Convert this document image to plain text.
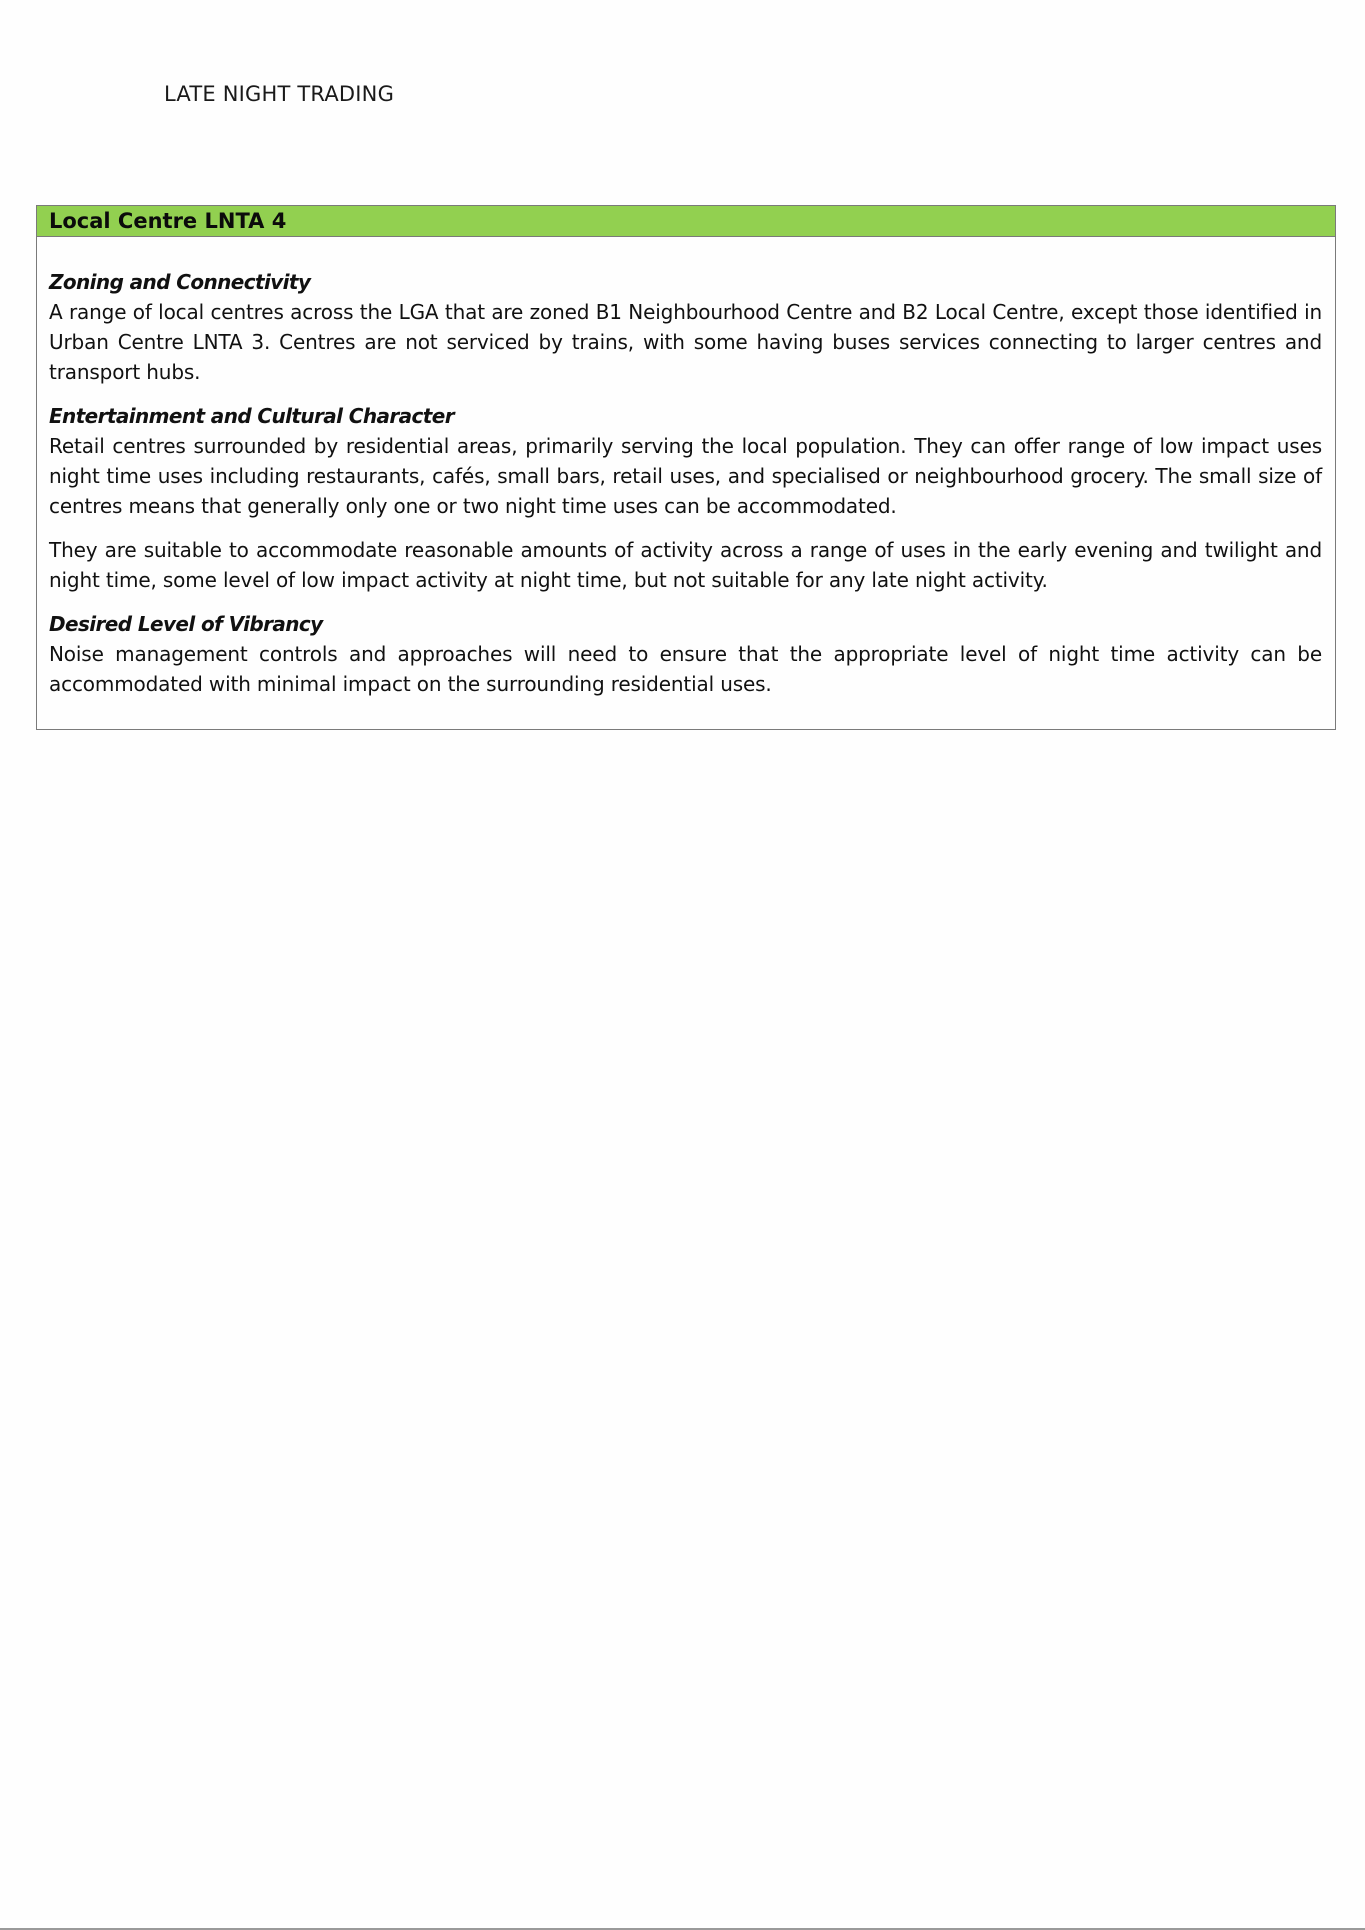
LATE NIGHT TRADING
Local Centre LNTA 4

Zoning and Connectivity

A range of local centres across the LGA that are zoned B1 Neighbourhood Centre and B2 Local Centre, except those identified in Urban Centre LNTA 3. Centres are not serviced by trains, with some having buses services connecting to larger centres and transport hubs.

Entertainment and Cultural Character

Retail centres surrounded by residential areas, primarily serving the local population. They can offer range of low impact uses night time uses including restaurants, cafés, small bars, retail uses, and specialised or neighbourhood grocery. The small size of centres means that generally only one or two night time uses can be accommodated.

They are suitable to accommodate reasonable amounts of activity across a range of uses in the early evening and twilight and night time, some level of low impact activity at night time, but not suitable for any late night activity.

Desired Level of Vibrancy

Noise management controls and approaches will need to ensure that the appropriate level of night time activity can be accommodated with minimal impact on the surrounding residential uses.
